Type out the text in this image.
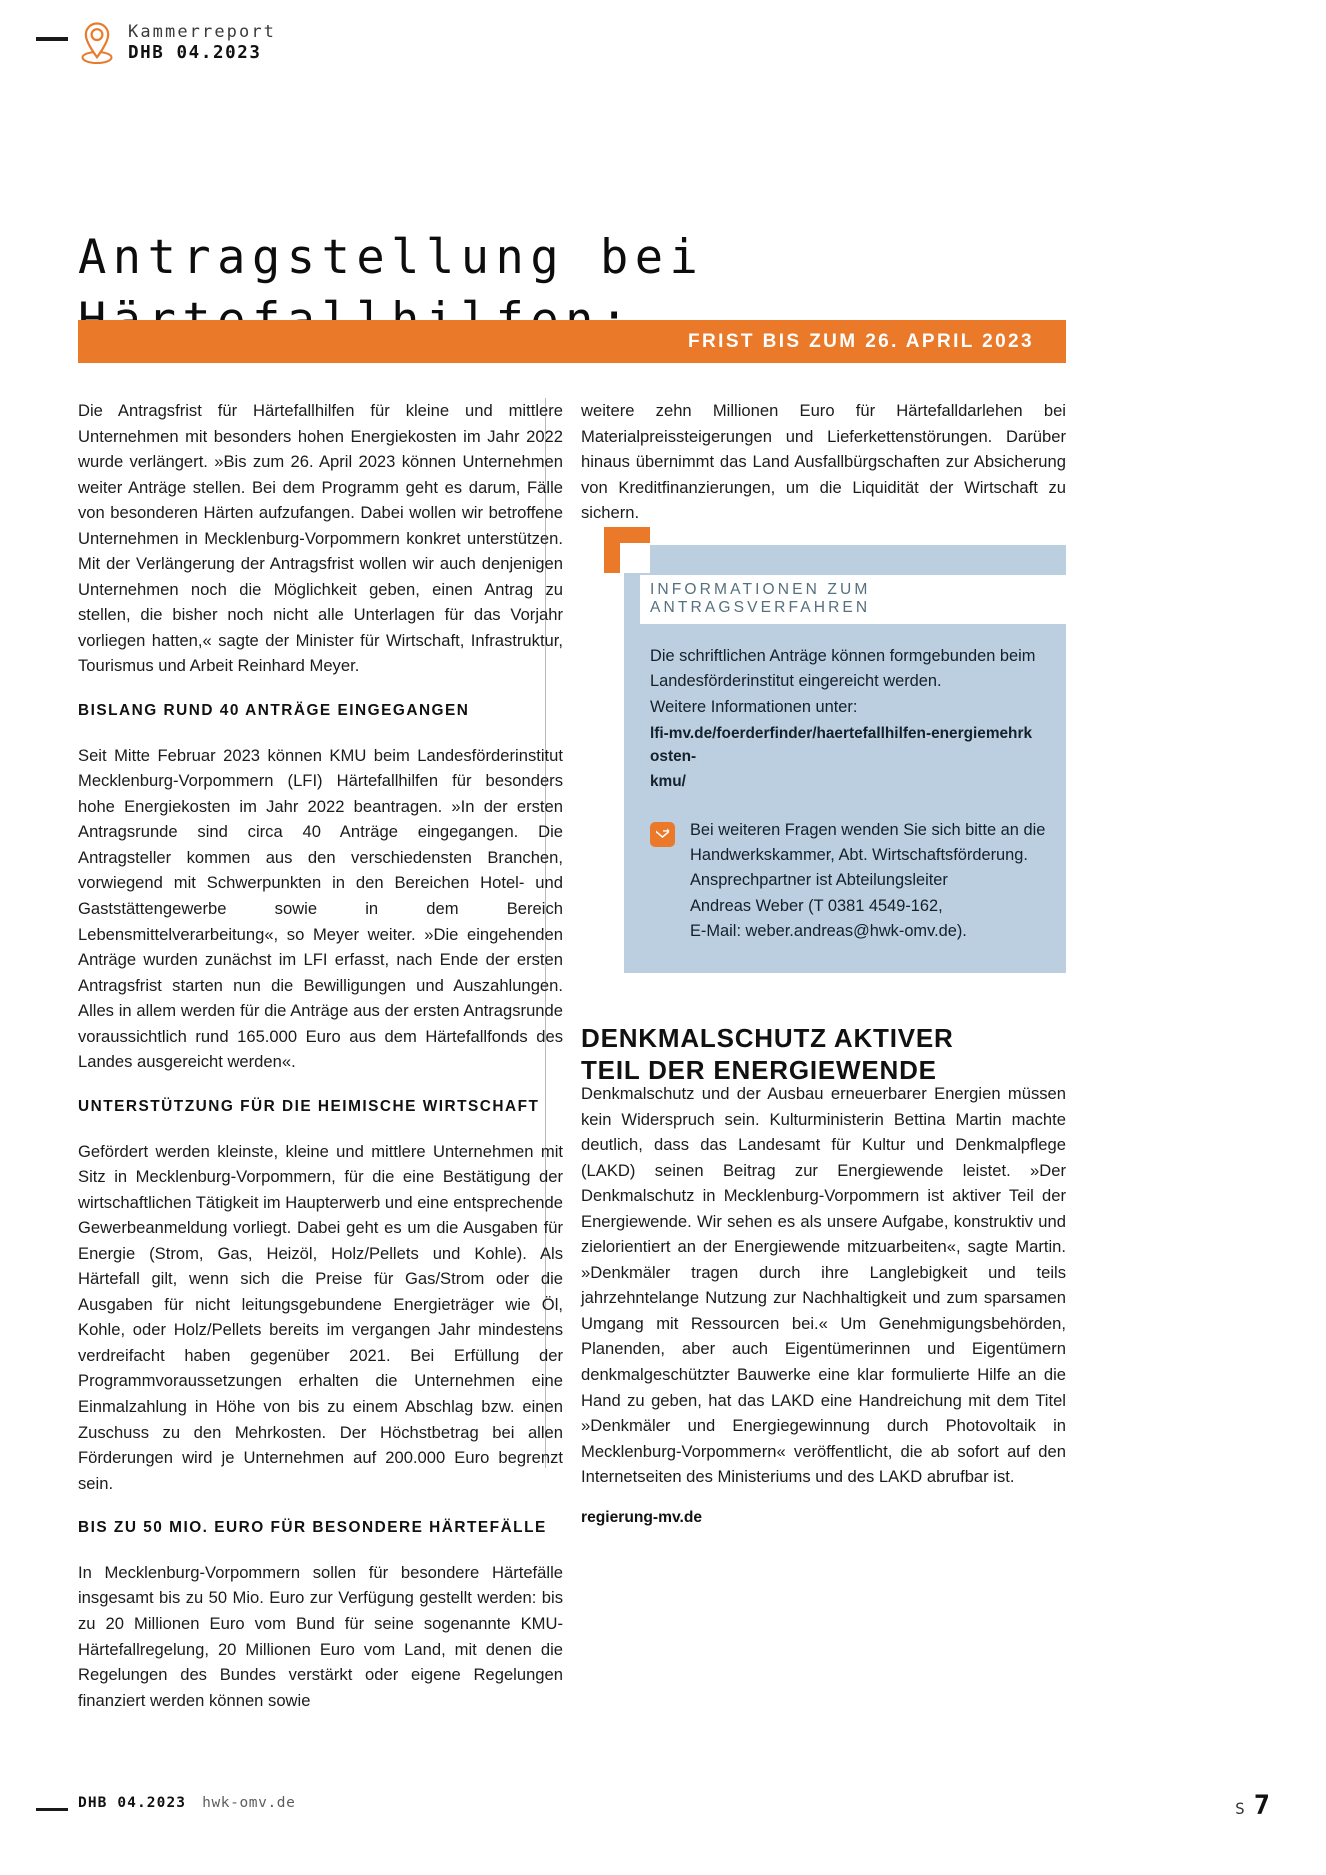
Kammerreport
DHB 04.2023
Antragstellung bei
FRIST BIS ZUM 26. APRIL 2023

Die Antragsfrist für Härtefallhilfen für kleine und mittlere Unternehmen mit besonders hohen Energiekosten im Jahr 2022 wurde verlängert. »Bis zum 26. April 2023 können Unternehmen weiter Anträge stellen. Bei dem Programm geht es darum, Fälle von besonderen Härten aufzufangen. Dabei wollen wir betroffene Unternehmen in Mecklenburg-Vorpommern konkret unterstützen. Mit der Verlängerung der Antragsfrist wollen wir auch denjenigen Unternehmen noch die Möglichkeit geben, einen Antrag zu stellen, die bisher noch nicht alle Unterlagen für das Vorjahr vorliegen hatten,« sagte der Minister für Wirtschaft, Infrastruktur, Tourismus und Arbeit Reinhard Meyer.

BISLANG RUND 40 ANTRÄGE EINGEGANGEN

Seit Mitte Februar 2023 können KMU beim Landesförderinstitut Mecklenburg-Vorpommern (LFI) Härtefallhilfen für besonders hohe Energiekosten im Jahr 2022 beantragen. »In der ersten Antragsrunde sind circa 40 Anträge eingegangen. Die Antragsteller kommen aus den verschiedensten Branchen, vorwiegend mit Schwerpunkten in den Bereichen Hotel- und Gaststättengewerbe sowie in dem Bereich Lebensmittelverarbeitung«, so Meyer weiter. »Die eingehenden Anträge wurden zunächst im LFI erfasst, nach Ende der ersten Antragsfrist starten nun die Bewilligungen und Auszahlungen. Alles in allem werden für die Anträge aus der ersten Antragsrunde voraussichtlich rund 165.000 Euro aus dem Härtefallfonds des Landes ausgereicht werden«.

UNTERSTÜTZUNG FÜR DIE HEIMISCHE WIRTSCHAFT

Gefördert werden kleinste, kleine und mittlere Unternehmen mit Sitz in Mecklenburg-Vorpommern, für die eine Bestätigung der wirtschaftlichen Tätigkeit im Haupterwerb und eine entsprechende Gewerbeanmeldung vorliegt. Dabei geht es um die Ausgaben für Energie (Strom, Gas, Heizöl, Holz/Pellets und Kohle). Als Härtefall gilt, wenn sich die Preise für Gas/Strom oder die Ausgaben für nicht leitungsgebundene Energieträger wie Öl, Kohle, oder Holz/Pellets bereits im vergangen Jahr mindestens verdreifacht haben gegenüber 2021. Bei Erfüllung der Programmvoraussetzungen erhalten die Unternehmen eine Einmalzahlung in Höhe von bis zu einem Abschlag bzw. einen Zuschuss zu den Mehrkosten. Der Höchstbetrag bei allen Förderungen wird je Unternehmen auf 200.000 Euro begrenzt sein.

BIS ZU 50 MIO. EURO FÜR BESONDERE HÄRTEFÄLLE

In Mecklenburg-Vorpommern sollen für besondere Härtefälle insgesamt bis zu 50 Mio. Euro zur Verfügung gestellt werden: bis zu 20 Millionen Euro vom Bund für seine sogenannte KMU-Härtefallregelung, 20 Millionen Euro vom Land, mit denen die Regelungen des Bundes verstärkt oder eigene Regelungen finanziert werden können sowie

weitere zehn Millionen Euro für Härtefalldarlehen bei Materialpreissteigerungen und Lieferkettenstörungen. Darüber hinaus übernimmt das Land Ausfallbürgschaften zur Absicherung von Kreditfinanzierungen, um die Liquidität der Wirtschaft zu sichern.

INFORMATIONEN ZUM ANTRAGSVERFAHREN

Die schriftlichen Anträge können formgebunden beim Landesförderinstitut eingereicht werden.

Weitere Informationen unter:

lfi-mv.de/foerderfinder/haertefallhilfen-energiemehrkosten-
kmu/
Bei weiteren Fragen wenden Sie sich bitte an die
Handwerkskammer, Abt. Wirtschaftsförderung.
Ansprechpartner ist Abteilungsleiter
Andreas Weber (T 0381 4549-162,
E-Mail: weber.andreas@hwk-omv.de).
DENKMALSCHUTZ AKTIVER
TEIL DER ENERGIEWENDE

Denkmalschutz und der Ausbau erneuerbarer Energien müssen kein Widerspruch sein. Kulturministerin Bettina Martin machte deutlich, dass das Landesamt für Kultur und Denkmalpflege (LAKD) seinen Beitrag zur Energiewende leistet. »Der Denkmalschutz in Mecklenburg-Vorpommern ist aktiver Teil der Energiewende. Wir sehen es als unsere Aufgabe, konstruktiv und zielorientiert an der Energiewende mitzuarbeiten«, sagte Martin. »Denkmäler tragen durch ihre Langlebigkeit und teils jahrzehntelange Nutzung zur Nachhaltigkeit und zum sparsamen Umgang mit Ressourcen bei.« Um Genehmigungsbehörden, Planenden, aber auch Eigentümerinnen und Eigentümern denkmalgeschützter Bauwerke eine klar formulierte Hilfe an die Hand zu geben, hat das LAKD eine Handreichung mit dem Titel »Denkmäler und Energiegewinnung durch Photovoltaik in Mecklenburg-Vorpommern« veröffentlicht, die ab sofort auf den Internetseiten des Ministeriums und des LAKD abrufbar ist.

regierung-mv.de
DHB 04.2023 hwk-omv.de	S 7
